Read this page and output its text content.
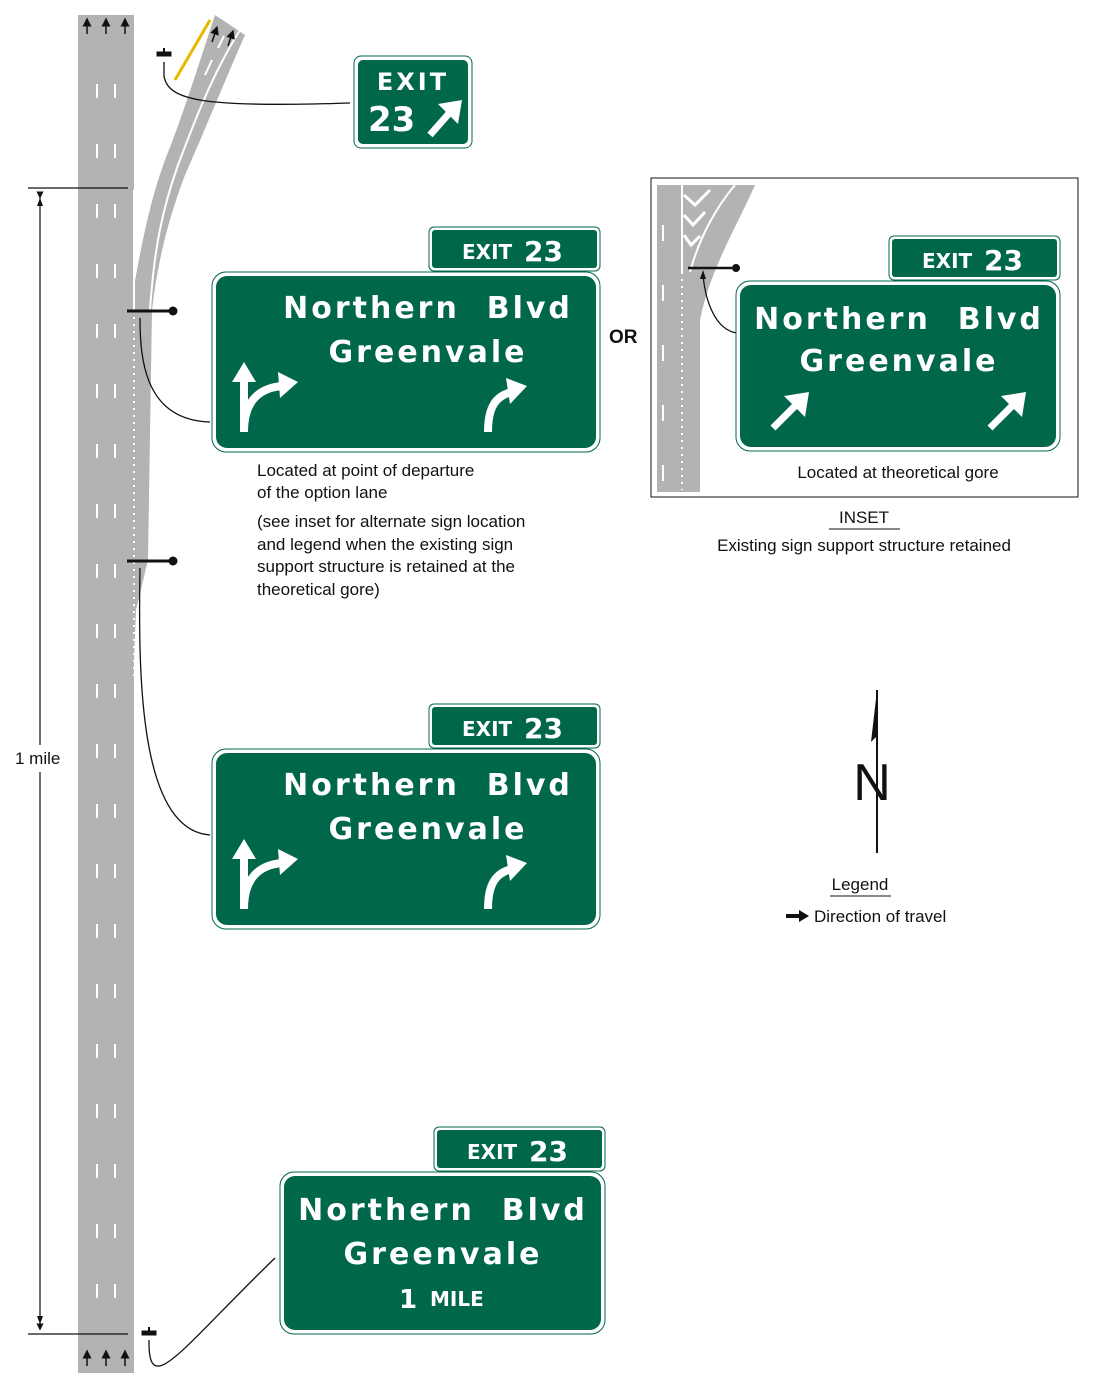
1 mile
EXIT
23
EXIT 23
Northern  Blvd
Greenvale	OR
Located at point of departure of the option lane
(see inset for alternate sign location and legend when the existing sign support structure is retained at the theoretical gore)
EXIT 23
Northern  Blvd
Greenvale
EXIT 23
Northern  Blvd
Greenvale
1 MILE
EXIT 23
Northern  Blvd
Greenvale
Located at theoretical gore
INSET
Existing sign support structure retained
N
Legend
Direction of travel
